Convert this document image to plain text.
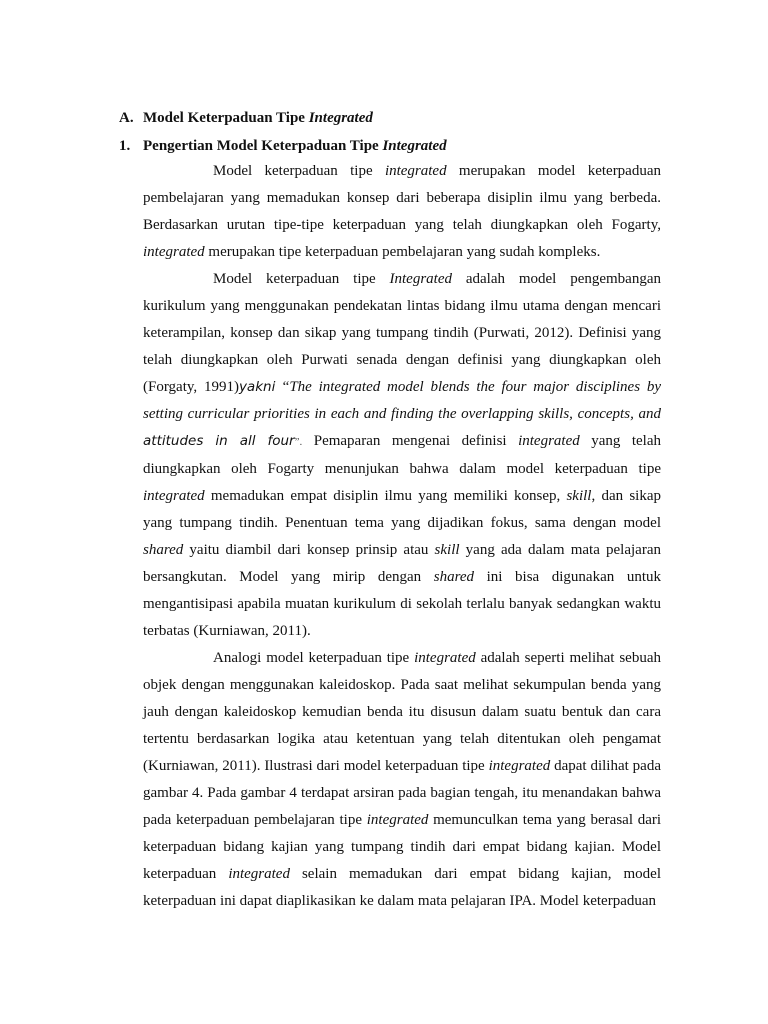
A. Model Keterpaduan Tipe Integrated
1. Pengertian Model Keterpaduan Tipe Integrated

Model keterpaduan tipe integrated merupakan model keterpaduan pembelajaran yang memadukan konsep dari beberapa disiplin ilmu yang berbeda. Berdasarkan urutan tipe-tipe keterpaduan yang telah diungkapkan oleh Fogarty, integrated merupakan tipe keterpaduan pembelajaran yang sudah kompleks.

Model keterpaduan tipe Integrated adalah model pengembangan kurikulum yang menggunakan pendekatan lintas bidang ilmu utama dengan mencari keterampilan, konsep dan sikap yang tumpang tindih (Purwati, 2012). Definisi yang telah diungkapkan oleh Purwati senada dengan definisi yang diungkapkan oleh (Forgaty, 1991)yakni “The integrated model blends the four major disciplines by setting curricular priorities in each and finding the overlapping skills, concepts, and attitudes in all four”. Pemaparan mengenai definisi integrated yang telah diungkapkan oleh Fogarty menunjukan bahwa dalam model keterpaduan tipe integrated memadukan empat disiplin ilmu yang memiliki konsep, skill, dan sikap yang tumpang tindih. Penentuan tema yang dijadikan fokus, sama dengan model shared yaitu diambil dari konsep prinsip atau skill yang ada dalam mata pelajaran bersangkutan. Model yang mirip dengan shared ini bisa digunakan untuk mengantisipasi apabila muatan kurikulum di sekolah terlalu banyak sedangkan waktu terbatas (Kurniawan, 2011).

Analogi model keterpaduan tipe integrated adalah seperti melihat sebuah objek dengan menggunakan kaleidoskop. Pada saat melihat sekumpulan benda yang jauh dengan kaleidoskop kemudian benda itu disusun dalam suatu bentuk dan cara tertentu berdasarkan logika atau ketentuan yang telah ditentukan oleh pengamat (Kurniawan, 2011). Ilustrasi dari model keterpaduan tipe integrated dapat dilihat pada gambar 4. Pada gambar 4 terdapat arsiran pada bagian tengah, itu menandakan bahwa pada keterpaduan pembelajaran tipe integrated memunculkan tema yang berasal dari keterpaduan bidang kajian yang tumpang tindih dari empat bidang kajian. Model keterpaduan integrated selain memadukan dari empat bidang kajian, model keterpaduan ini dapat diaplikasikan ke dalam mata pelajaran IPA. Model keterpaduan
